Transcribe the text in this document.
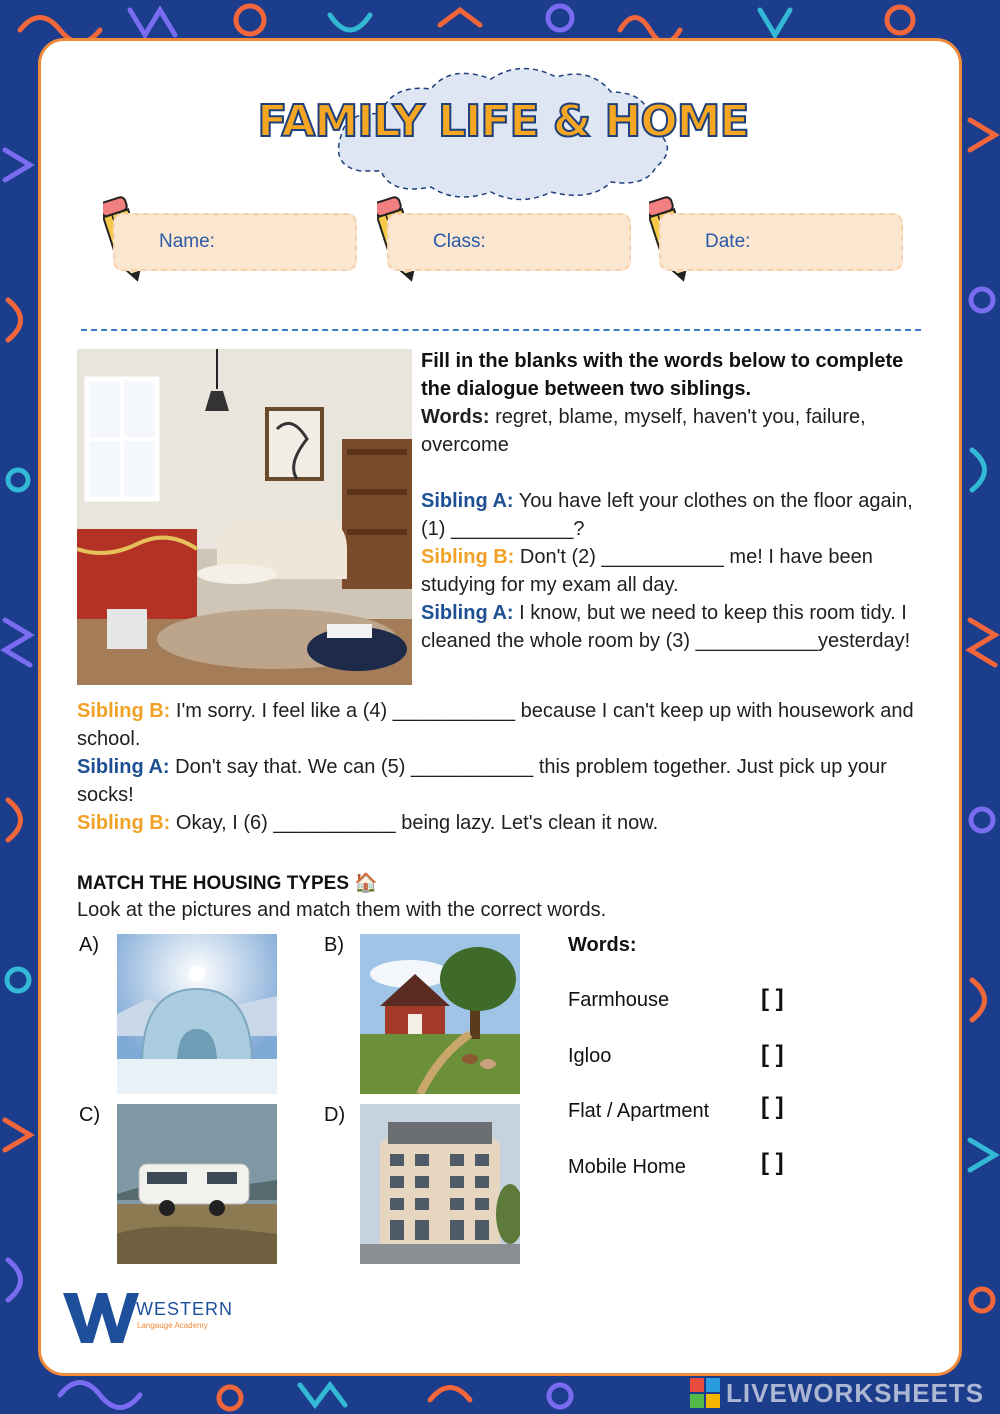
FAMILY LIFE & HOME
Name:	Class:	Date:
Fill in the blanks with the words below to complete the dialogue between two siblings.
Words: regret, blame, myself, haven't you, failure, overcome
Sibling A: You have left your clothes on the floor again, (1) ___________?
Sibling B: Don't (2) ___________ me! I have been studying for my exam all day.
Sibling A: I know, but we need to keep this room tidy. I cleaned the whole room by (3) ___________yesterday!
Sibling B: I'm sorry. I feel like a (4) ___________ because I can't keep up with housework and school.
Sibling A: Don't say that. We can (5) ___________ this problem together. Just pick up your socks!
Sibling B: Okay, I (6) ___________ being lazy. Let's clean it now.
MATCH THE HOUSING TYPES 🏠
Look at the pictures and match them with the correct words.
A)	B)
C)	D)
Words:
Farmhouse	[ ]
Igloo	[ ]
Flat / Apartment [ ]
Mobile Home	[ ]
WESTERN
Langauge Academy
LIVEWORKSHEETS
